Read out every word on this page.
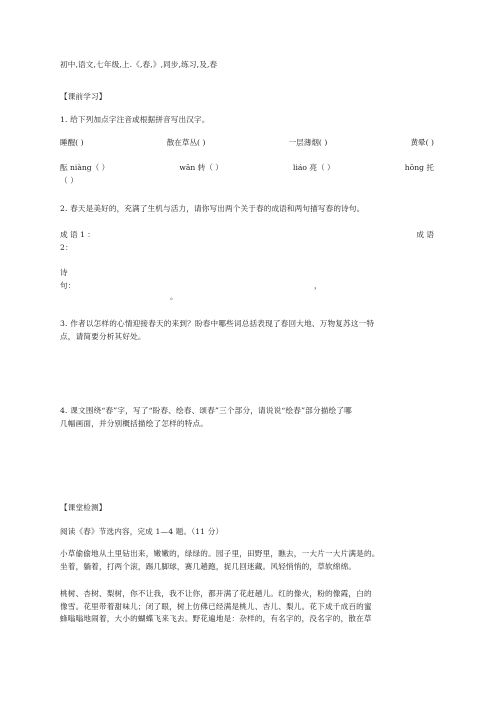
初中,语文,七年级,上.《,春,》,同步,练习,及,春
【课前学习】
1. 给下列加点字注音或根据拼音写出汉字。
睡醒( )	散在草丛( )	一层薄烟( )	黄晕( )
酝 niàng（ ）	wān 转（ ）	liáo 亮（ ）	hōng 托
（ ）
2. 春天是美好的，充满了生机与活力，请你写出两个关于春的成语和两句描写春的诗句。
成 语 1 ：	成 语
2：
诗
句：	，
。
3. 作者以怎样的心情迎接春天的来到？盼春中哪些词总括表现了春回大地、万物复苏这一特
点，请简要分析其好处。
4. 课文围绕“春”字，写了“盼春、绘春、颂春”三个部分，请说说“绘春”部分描绘了哪
几幅画面，并分别概括描绘了怎样的特点。
【课堂检测】
阅读《春》节选内容，完成 1—4 题。（11 分）
小草偷偷地从土里钻出来，嫩嫩的，绿绿的。园子里，田野里，瞧去，一大片一大片满是的。
坐着，躺着，打两个滚，踢几脚球，赛几趟跑，捉几回迷藏。风轻悄悄的，草软绵绵。
桃树、杏树、梨树，你不让我，我不让你，都开满了花赶趟儿。红的像火，粉的像霞，白的
像雪。花里带着甜味儿；闭了眼，树上仿佛已经满是桃儿、杏儿、梨儿。花下成千成百的蜜
蜂嗡嗡地闹着，大小的蝴蝶飞来飞去。野花遍地是：杂样的，有名字的，没名字的，散在草
